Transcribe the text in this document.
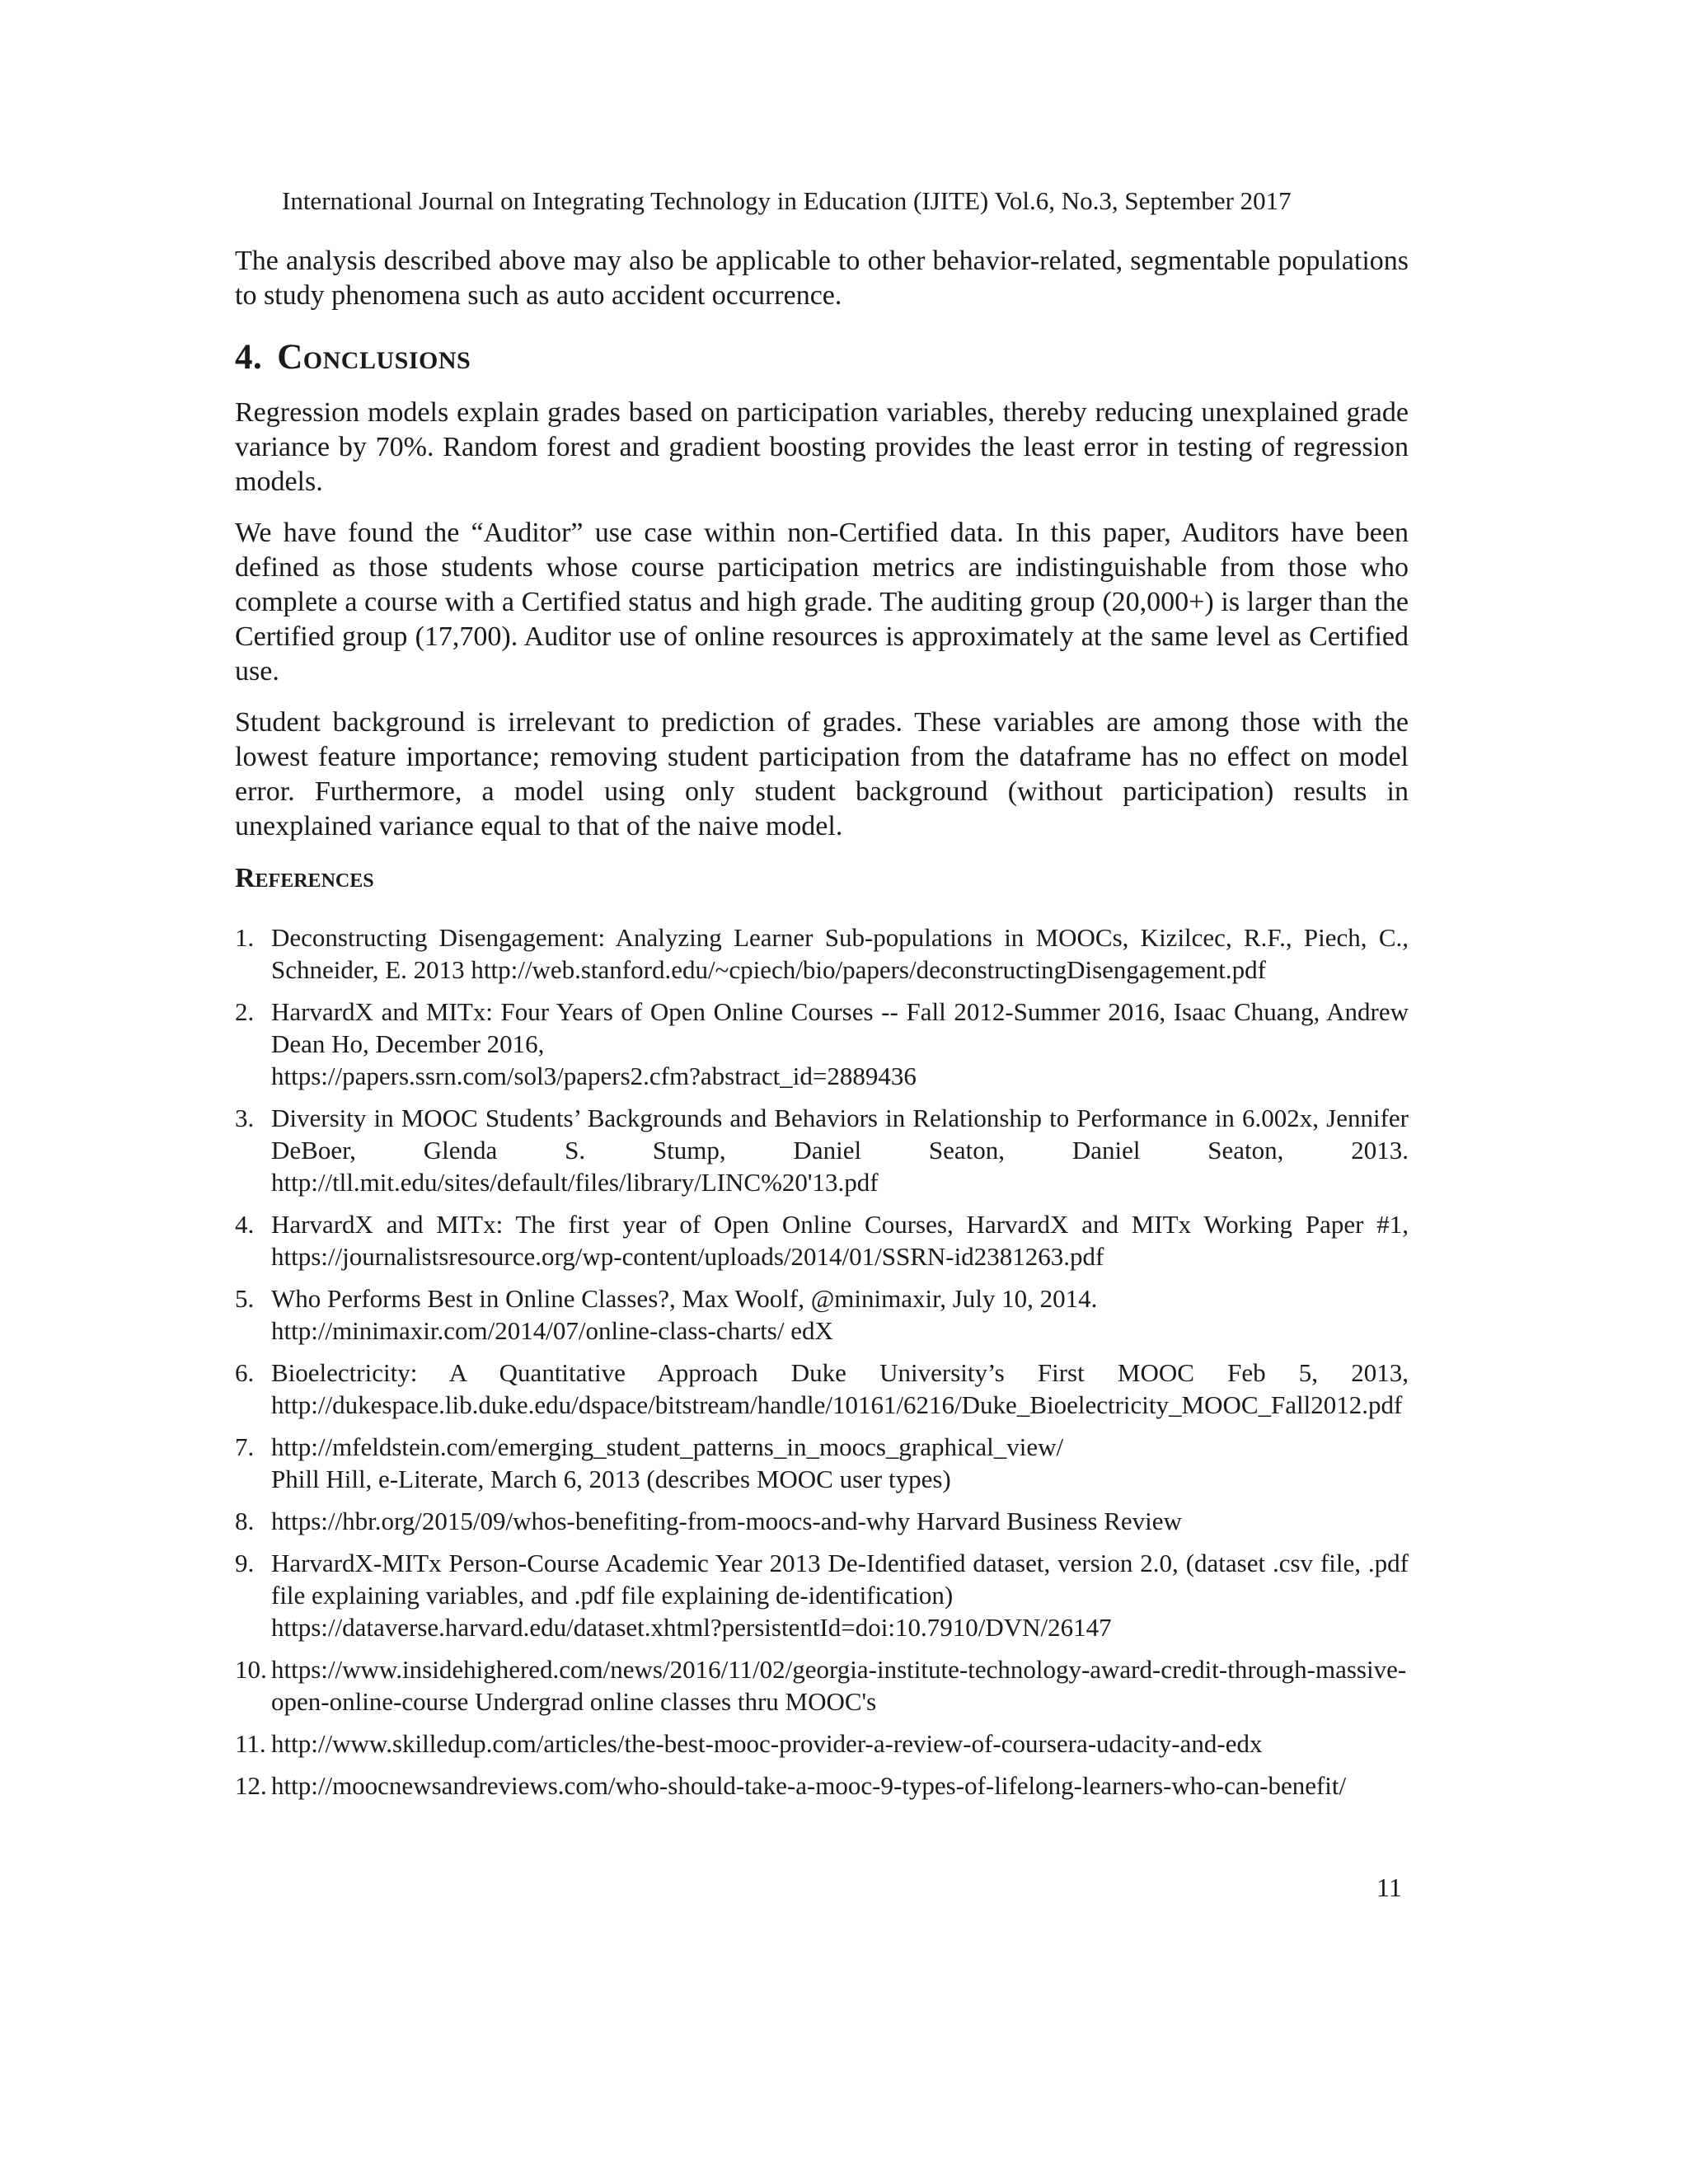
International Journal on Integrating Technology in Education (IJITE) Vol.6, No.3, September 2017

The analysis described above may also be applicable to other behavior-related, segmentable populations to study phenomena such as auto accident occurrence.

4. Conclusions

Regression models explain grades based on participation variables, thereby reducing unexplained grade variance by 70%. Random forest and gradient boosting provides the least error in testing of regression models.

We have found the “Auditor” use case within non-Certified data. In this paper, Auditors have been defined as those students whose course participation metrics are indistinguishable from those who complete a course with a Certified status and high grade. The auditing group (20,000+) is larger than the Certified group (17,700). Auditor use of online resources is approximately at the same level as Certified use.

Student background is irrelevant to prediction of grades. These variables are among those with the lowest feature importance; removing student participation from the dataframe has no effect on model error. Furthermore, a model using only student background (without participation) results in unexplained variance equal to that of the naive model.

References
1. Deconstructing Disengagement: Analyzing Learner Sub-populations in MOOCs, Kizilcec, R.F., Piech, C., Schneider, E. 2013 http://web.stanford.edu/~cpiech/bio/papers/deconstructingDisengagement.pdf
2. HarvardX and MITx: Four Years of Open Online Courses -- Fall 2012-Summer 2016, Isaac Chuang, Andrew Dean Ho, December 2016,
https://papers.ssrn.com/sol3/papers2.cfm?abstract_id=2889436
3. Diversity in MOOC Students’ Backgrounds and Behaviors in Relationship to Performance in 6.002x, Jennifer DeBoer, Glenda S. Stump, Daniel Seaton, Daniel Seaton, 2013. http://tll.mit.edu/sites/default/files/library/LINC%20'13.pdf
4. HarvardX and MITx: The first year of Open Online Courses, HarvardX and MITx Working Paper #1, https://journalistsresource.org/wp-content/uploads/2014/01/SSRN-id2381263.pdf
5. Who Performs Best in Online Classes?, Max Woolf, @minimaxir, July 10, 2014.
http://minimaxir.com/2014/07/online-class-charts/ edX
6. Bioelectricity: A Quantitative Approach Duke University’s First MOOC Feb 5, 2013, http://dukespace.lib.duke.edu/dspace/bitstream/handle/10161/6216/Duke_Bioelectricity_MOOC_Fall2012.pdf
7. http://mfeldstein.com/emerging_student_patterns_in_moocs_graphical_view/
Phill Hill, e-Literate, March 6, 2013 (describes MOOC user types)
8. https://hbr.org/2015/09/whos-benefiting-from-moocs-and-why Harvard Business Review
9. HarvardX-MITx Person-Course Academic Year 2013 De-Identified dataset, version 2.0, (dataset .csv file, .pdf file explaining variables, and .pdf file explaining de-identification)
https://dataverse.harvard.edu/dataset.xhtml?persistentId=doi:10.7910/DVN/26147
10. https://www.insidehighered.com/news/2016/11/02/georgia-institute-technology-award-credit-through-massive-open-online-course Undergrad online classes thru MOOC's
11. http://www.skilledup.com/articles/the-best-mooc-provider-a-review-of-coursera-udacity-and-edx
12. http://moocnewsandreviews.com/who-should-take-a-mooc-9-types-of-lifelong-learners-who-can-benefit/
11
